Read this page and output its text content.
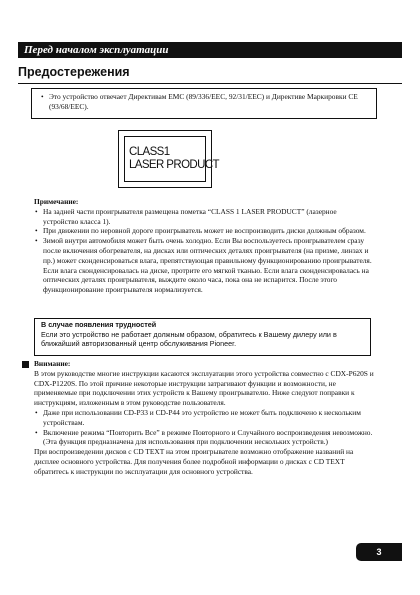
Перед началом эксплуатации
Предостережения
• Это устройство отвечает Директивам EMC (89/336/EEC, 92/31/EEC) и Директиве Маркировки CE (93/68/EEC).
CLASS1
LASER PRODUCT
Примечание:
• На задней части проигрывателя размещена пометка “CLASS 1 LASER PRODUCT” (лазерное устройство класса 1).
• При движении по неровной дороге проигрыватель может не воспроизводить диски должным образом.
• Зимой внутри автомобиля может быть очень холодно. Если Вы воспользуетесь проигрывателем сразу после включения обогревателя, на дисках или оптических деталях проигрывателя (на призме, линзах и пр.) может сконденсироваться влага, препятствующая правильному функционированию проигрывателя. Если влага сконденсировалась на диске, протрите его мягкой тканью. Если влага сконденсировалась на оптических деталях проигрывателя, выждите около часа, пока она не испарится. После этого функционирование проигрывателя нормализуется.
В случае появления трудностей
Если это устройство не работает должным образом, обратитесь к Вашему дилеру или в ближайший авторизованный центр обслуживания Pioneer.
Внимание:
В этом руководстве многие инструкции касаются эксплуатации этого устройства совместно с CDX-P620S и CDX-P1220S. По этой причине некоторые инструкции затрагивают функции и возможности, не применяемые при подключении этих устройств к Вашему проигрывателю. Ниже следуют поправки к инструкциям, изложенным в этом руководстве пользователя.
• Даже при использовании CD-P33 и CD-P44 это устройство не может быть подключено к нескольким устройствам.
• Включение режима “Повторить Все” в режиме Повторного и Случайного воспроизведения невозможно. (Эта функция предназначена для использования при подключении нескольких устройств.)
При воспроизведении дисков с CD TEXT на этом проигрывателе возможно отображение названий на дисплее основного устройства. Для получения более подробной информации о дисках с CD TEXT обратитесь к инструкции по эксплуатации для основного устройства.
3
